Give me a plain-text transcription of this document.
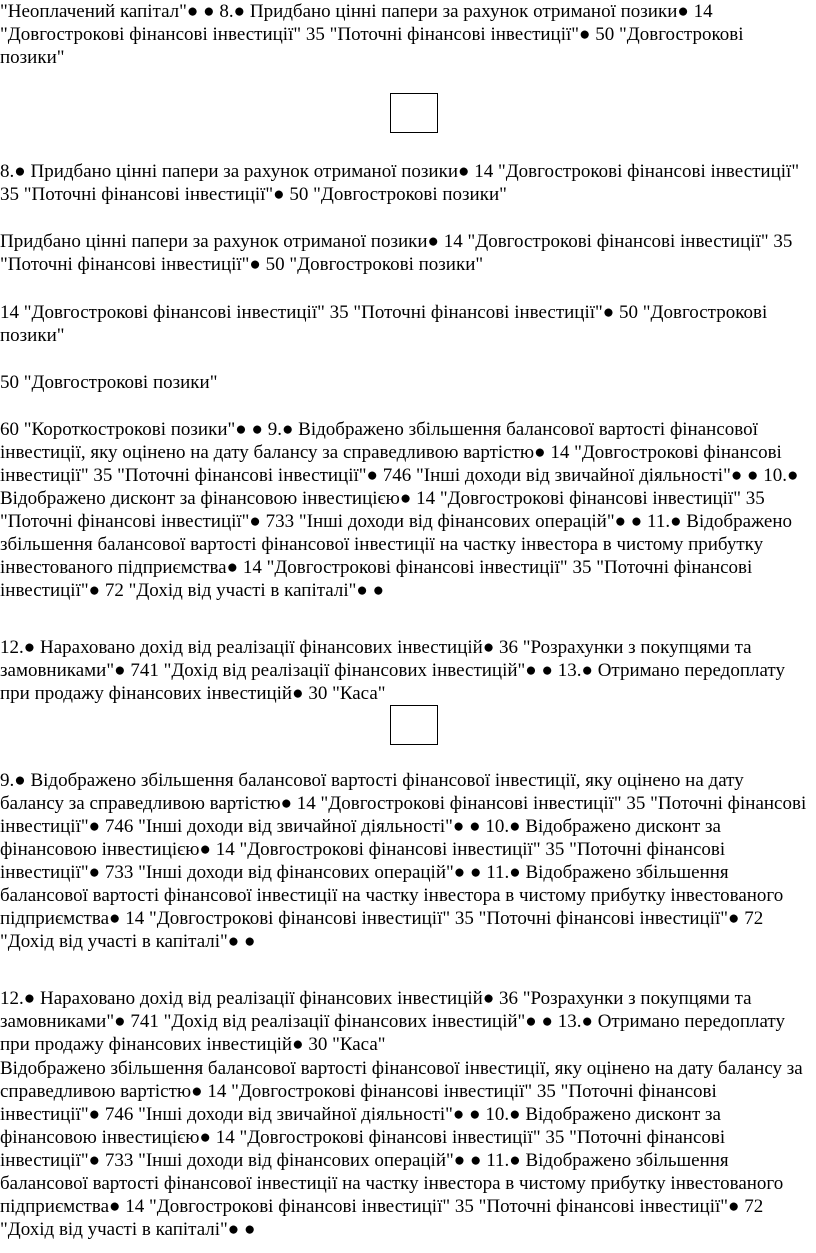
"Неоплачений капітал"● ● 8.● Придбано цінні папери за рахунок отриманої позики● 14 "Довгострокові фінансові інвестиції" 35 "Поточні фінансові інвестиції"● 50 "Довгострокові позики"

8.● Придбано цінні папери за рахунок отриманої позики● 14 "Довгострокові фінансові інвестиції" 35 "Поточні фінансові інвестиції"● 50 "Довгострокові позики"

Придбано цінні папери за рахунок отриманої позики● 14 "Довгострокові фінансові інвестиції" 35 "Поточні фінансові інвестиції"● 50 "Довгострокові позики"

14 "Довгострокові фінансові інвестиції" 35 "Поточні фінансові інвестиції"● 50 "Довгострокові позики"

50 "Довгострокові позики"

60 "Короткострокові позики"● ● 9.● Відображено збільшення балансової вартості фінансової інвестиції, яку оцінено на дату балансу за справедливою вартістю● 14 "Довгострокові фінансові інвестиції" 35 "Поточні фінансові інвестиції"● 746 "Інші доходи від звичайної діяльності"● ● 10.● Відображено дисконт за фінансовою інвестицією● 14 "Довгострокові фінансові інвестиції" 35 "Поточні фінансові інвестиції"● 733 "Інші доходи від фінансових операцій"● ● 11.● Відображено збільшення балансової вартості фінансової інвестиції на частку інвестора в чистому прибутку інвестованого підприємства● 14 "Довгострокові фінансові інвестиції" 35 "Поточні фінансові інвестиції"● 72 "Дохід від участі в капіталі"● ●

12.● Нараховано дохід від реалізації фінансових інвестицій● 36 "Розрахунки з покупцями та замовниками"● 741 "Дохід від реалізації фінансових інвестицій"● ● 13.● Отримано передоплату при продажу фінансових інвестицій● 30 "Каса"

9.● Відображено збільшення балансової вартості фінансової інвестиції, яку оцінено на дату балансу за справедливою вартістю● 14 "Довгострокові фінансові інвестиції" 35 "Поточні фінансові інвестиції"● 746 "Інші доходи від звичайної діяльності"● ● 10.● Відображено дисконт за фінансовою інвестицією● 14 "Довгострокові фінансові інвестиції" 35 "Поточні фінансові інвестиції"● 733 "Інші доходи від фінансових операцій"● ● 11.● Відображено збільшення балансової вартості фінансової інвестиції на частку інвестора в чистому прибутку інвестованого підприємства● 14 "Довгострокові фінансові інвестиції" 35 "Поточні фінансові інвестиції"● 72 "Дохід від участі в капіталі"● ●

12.● Нараховано дохід від реалізації фінансових інвестицій● 36 "Розрахунки з покупцями та замовниками"● 741 "Дохід від реалізації фінансових інвестицій"● ● 13.● Отримано передоплату при продажу фінансових інвестицій● 30 "Каса"

Відображено збільшення балансової вартості фінансової інвестиції, яку оцінено на дату балансу за справедливою вартістю● 14 "Довгострокові фінансові інвестиції" 35 "Поточні фінансові інвестиції"● 746 "Інші доходи від звичайної діяльності"● ● 10.● Відображено дисконт за фінансовою інвестицією● 14 "Довгострокові фінансові інвестиції" 35 "Поточні фінансові інвестиції"● 733 "Інші доходи від фінансових операцій"● ● 11.● Відображено збільшення балансової вартості фінансової інвестиції на частку інвестора в чистому прибутку інвестованого підприємства● 14 "Довгострокові фінансові інвестиції" 35 "Поточні фінансові інвестиції"● 72 "Дохід від участі в капіталі"● ●
